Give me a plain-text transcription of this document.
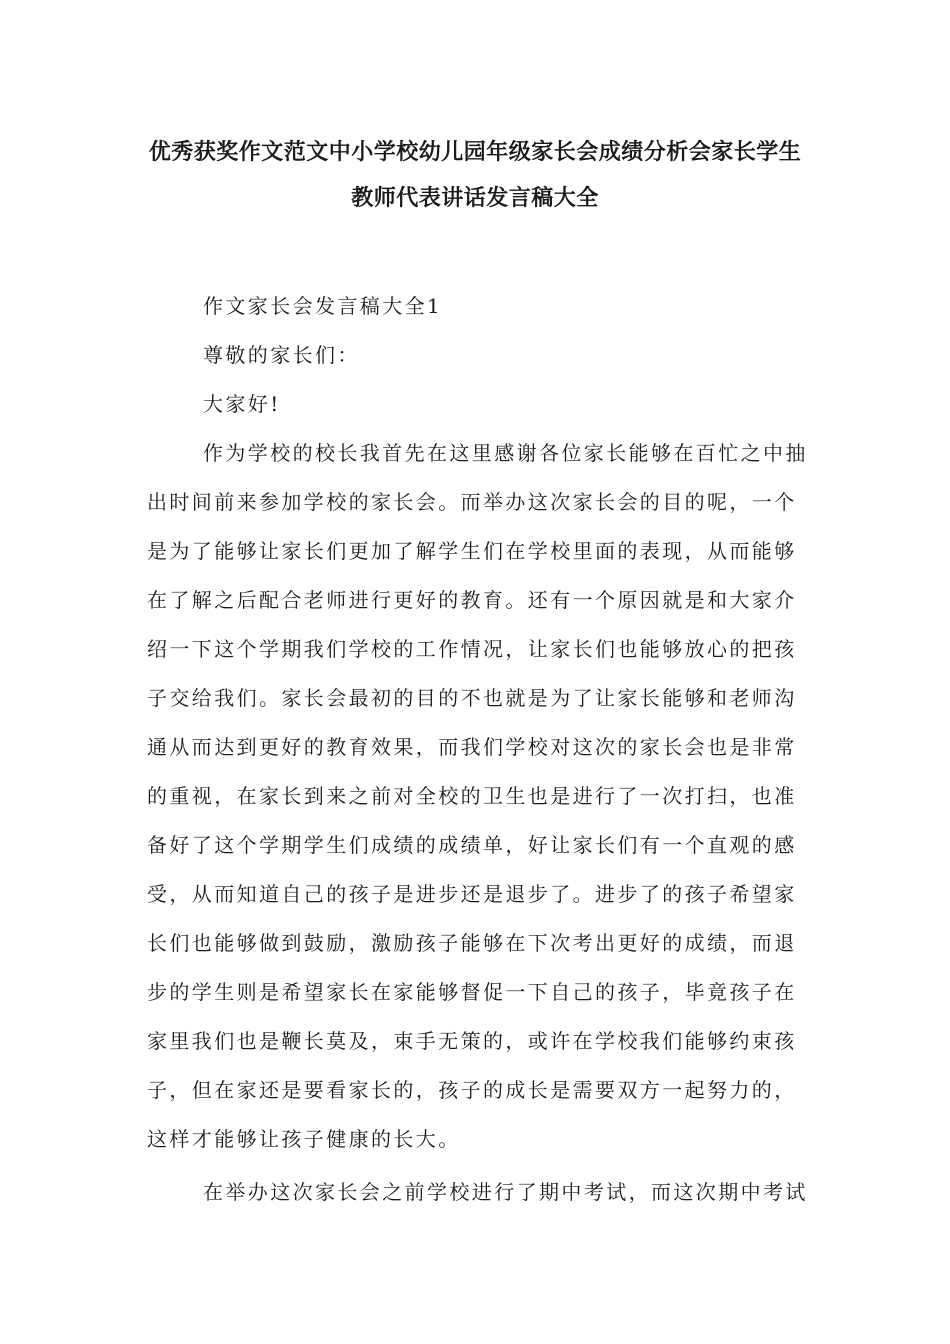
优秀获奖作文范文中小学校幼儿园年级家长会成绩分析会家长学生
教师代表讲话发言稿大全
作文家长会发言稿大全1
尊敬的家长们：
大家好!
作为学校的校长我首先在这里感谢各位家长能够在百忙之中抽
出时间前来参加学校的家长会。而举办这次家长会的目的呢，一个
是为了能够让家长们更加了解学生们在学校里面的表现，从而能够
在了解之后配合老师进行更好的教育。还有一个原因就是和大家介
绍一下这个学期我们学校的工作情况，让家长们也能够放心的把孩
子交给我们。家长会最初的目的不也就是为了让家长能够和老师沟
通从而达到更好的教育效果，而我们学校对这次的家长会也是非常
的重视，在家长到来之前对全校的卫生也是进行了一次打扫，也准
备好了这个学期学生们成绩的成绩单，好让家长们有一个直观的感
受，从而知道自己的孩子是进步还是退步了。进步了的孩子希望家
长们也能够做到鼓励，激励孩子能够在下次考出更好的成绩，而退
步的学生则是希望家长在家能够督促一下自己的孩子，毕竟孩子在
家里我们也是鞭长莫及，束手无策的，或许在学校我们能够约束孩
子，但在家还是要看家长的，孩子的成长是需要双方一起努力的，
这样才能够让孩子健康的长大。
在举办这次家长会之前学校进行了期中考试，而这次期中考试
